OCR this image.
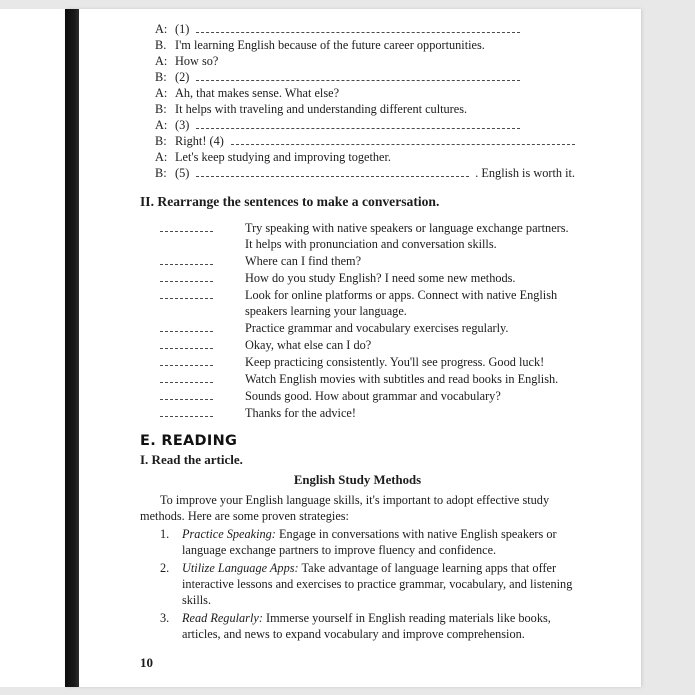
A: (1)
B. I'm learning English because of the future career opportunities.
A: How so?
B: (2)
A: Ah, that makes sense. What else?
B: It helps with traveling and understanding different cultures.
A: (3)
B: Right! (4)
A: Let's keep studying and improving together.
B: (5)	. English is worth it.
II. Rearrange the sentences to make a conversation.
Try speaking with native speakers or language exchange partners. It helps with pronunciation and conversation skills.
Where can I find them?
How do you study English? I need some new methods.
Look for online platforms or apps. Connect with native English speakers learning your language.
Practice grammar and vocabulary exercises regularly.
Okay, what else can I do?
Keep practicing consistently. You'll see progress. Good luck!
Watch English movies with subtitles and read books in English.
Sounds good. How about grammar and vocabulary?
Thanks for the advice!
E. READING
I. Read the article.
English Study Methods

To improve your English language skills, it's important to adopt effective study methods. Here are some proven strategies:

1.	Practice Speaking: Engage in conversations with native English speakers or language exchange partners to improve fluency and confidence.
2.	Utilize Language Apps: Take advantage of language learning apps that offer interactive lessons and exercises to practice grammar, vocabulary, and listening skills.
3.	Read Regularly: Immerse yourself in English reading materials like books, articles, and news to expand vocabulary and improve comprehension.
10
